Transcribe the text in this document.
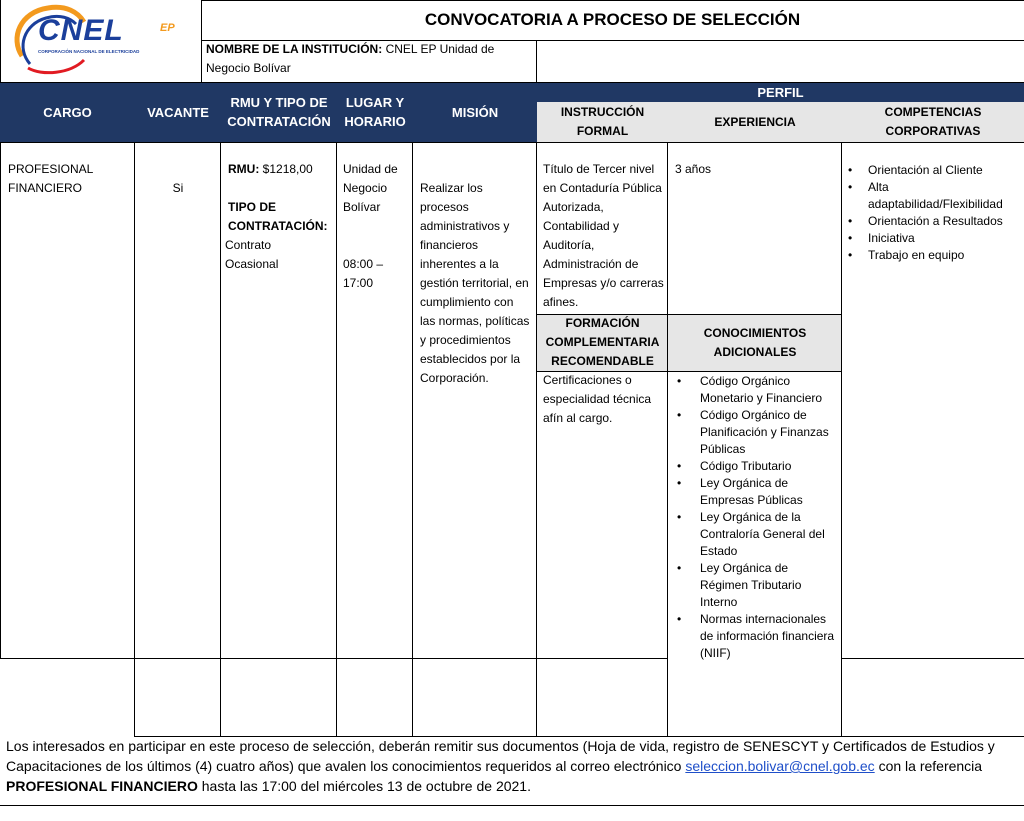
CNEL	EP
CORPORACIÓN NACIONAL DE ELECTRICIDAD
CONVOCATORIA A PROCESO DE SELECCIÓN
NOMBRE DE LA INSTITUCIÓN: CNEL EP Unidad de Negocio Bolívar
CARGO	VACANTE
RMU Y TIPO DE CONTRATACIÓN
LUGAR Y HORARIO
MISIÓN
PERFIL
INSTRUCCIÓN FORMAL
EXPERIENCIA
COMPETENCIAS CORPORATIVAS
FORMACIÓN COMPLEMENTARIA RECOMENDABLE
CONOCIMIENTOS ADICIONALES
PROFESIONAL FINANCIERO	Si
RMU: $1218,00
TIPO DE CONTRATACIÓN:
Contrato Ocasional
Unidad de Negocio Bolívar
08:00 – 17:00
Realizar los procesos administrativos y financieros inherentes a la gestión territorial, en cumplimiento con las normas, políticas y procedimientos establecidos por la Corporación.
Título de Tercer nivel en Contaduría Pública Autorizada, Contabilidad y Auditoría, Administración de Empresas y/o carreras afines.
3 años
•	Orientación al Cliente
• Alta adaptabilidad/Flexibilidad
• Orientación a Resultados
• Iniciativa
• Trabajo en equipo
Certificaciones o especialidad técnica afín al cargo.
• Código Orgánico Monetario y Financiero
• Código Orgánico de Planificación y Finanzas Públicas
• Código Tributario
• Ley Orgánica de Empresas Públicas
• Ley Orgánica de la Contraloría General del Estado
• Ley Orgánica de Régimen Tributario Interno
• Normas internacionales de información financiera (NIIF)
Los interesados en participar en este proceso de selección, deberán remitir sus documentos (Hoja de vida, registro de SENESCYT y Certificados de Estudios y Capacitaciones de los últimos (4) cuatro años) que avalen los conocimientos requeridos al correo electrónico seleccion.bolivar@cnel.gob.ec con la referencia PROFESIONAL FINANCIERO hasta las 17:00 del miércoles 13 de octubre de 2021.
